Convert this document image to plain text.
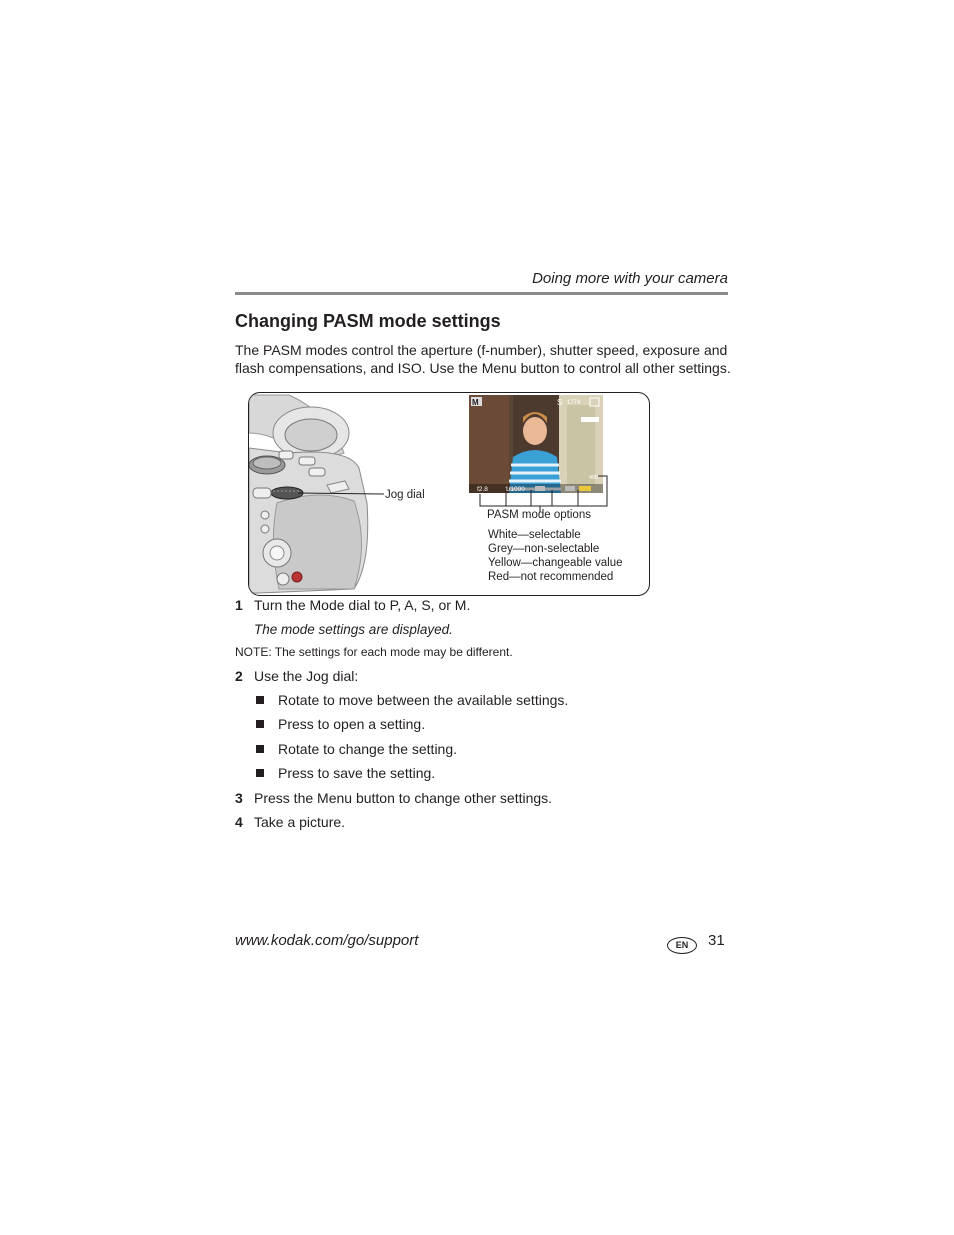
Doing more with your camera
Changing PASM mode settings
The PASM modes control the aperture (f-number), shutter speed, exposure and flash compensations, and ISO. Use the Menu button to control all other settings.
M	S 1774
400
f2.8	1/1000
Jog dial
PASM mode options
White—selectable
Grey—non-selectable
Yellow—changeable value
Red—not recommended
1 Turn the Mode dial to P, A, S, or M.
The mode settings are displayed.
NOTE: The settings for each mode may be different.
2 Use the Jog dial:
Rotate to move between the available settings.
Press to open a setting.
Rotate to change the setting.
Press to save the setting.
3 Press the Menu button to change other settings.
4 Take a picture.
www.kodak.com/go/support	EN	31
